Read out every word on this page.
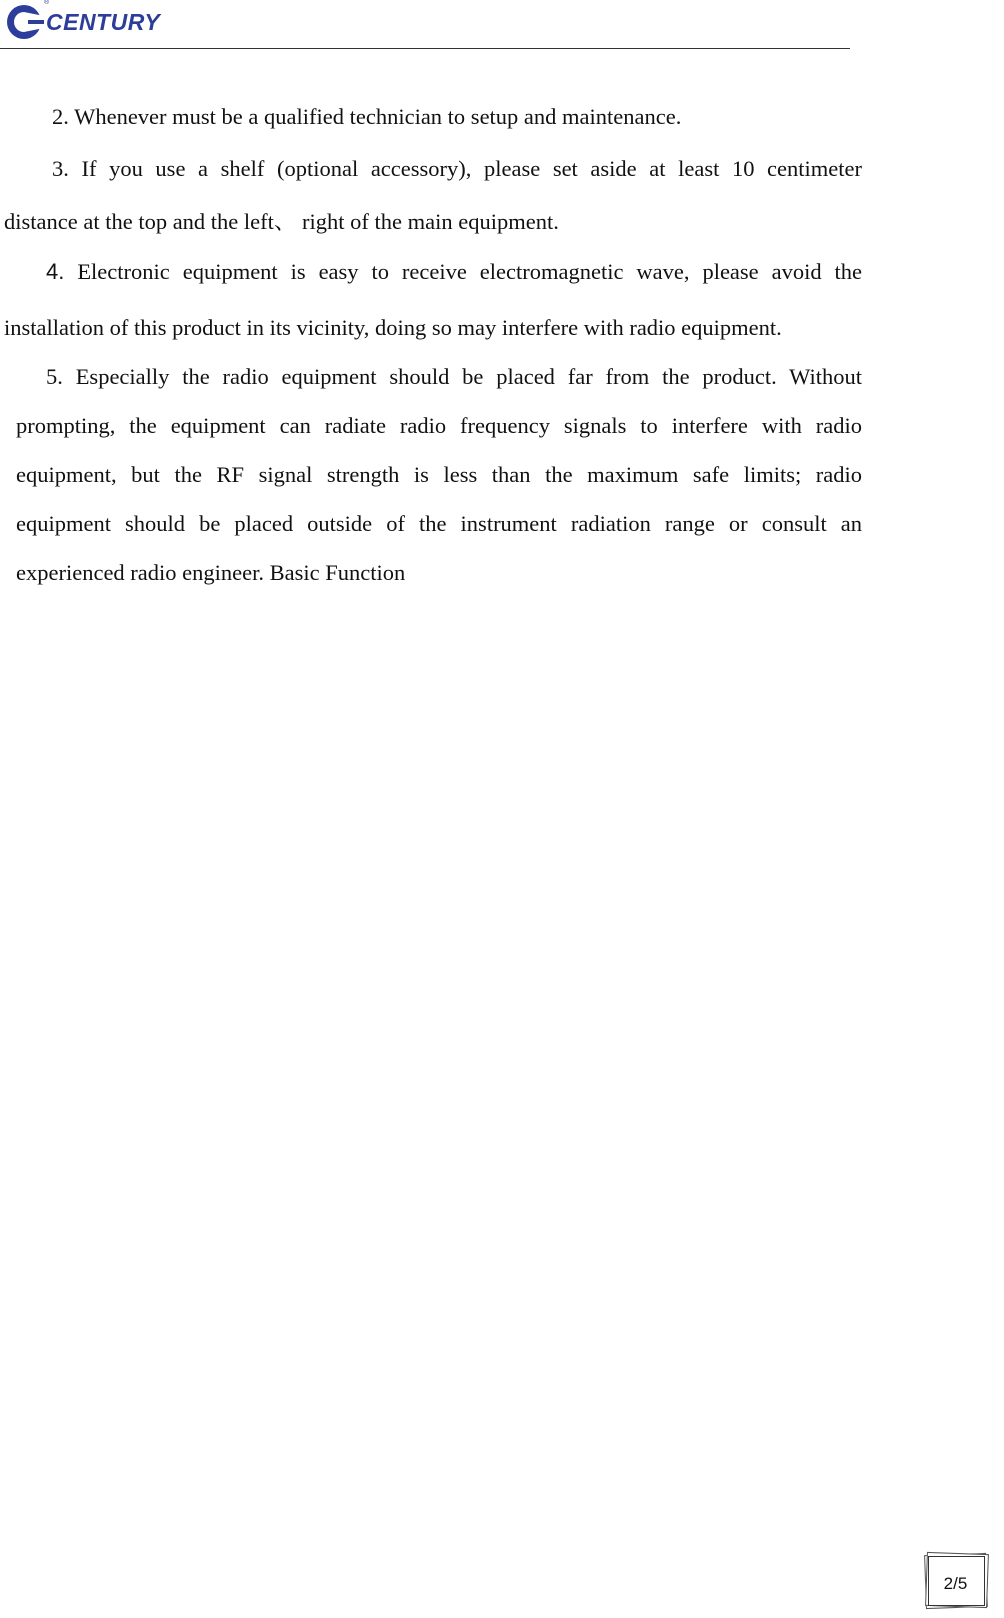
®
CENTURY
2. Whenever must be a qualified technician to setup and maintenance.
3. If you use a shelf (optional accessory), please set aside at least 10 centimeter
distance at the top and the left、 right of the main equipment.
4. Electronic equipment is easy to receive electromagnetic wave, please avoid the
installation of this product in its vicinity, doing so may interfere with radio equipment.
5. Especially the radio equipment should be placed far from the product. Without
prompting, the equipment can radiate radio frequency signals to interfere with radio
equipment, but the RF signal strength is less than the maximum safe limits; radio
equipment should be placed outside of the instrument radiation range or consult an
experienced radio engineer. Basic Function
2/5
